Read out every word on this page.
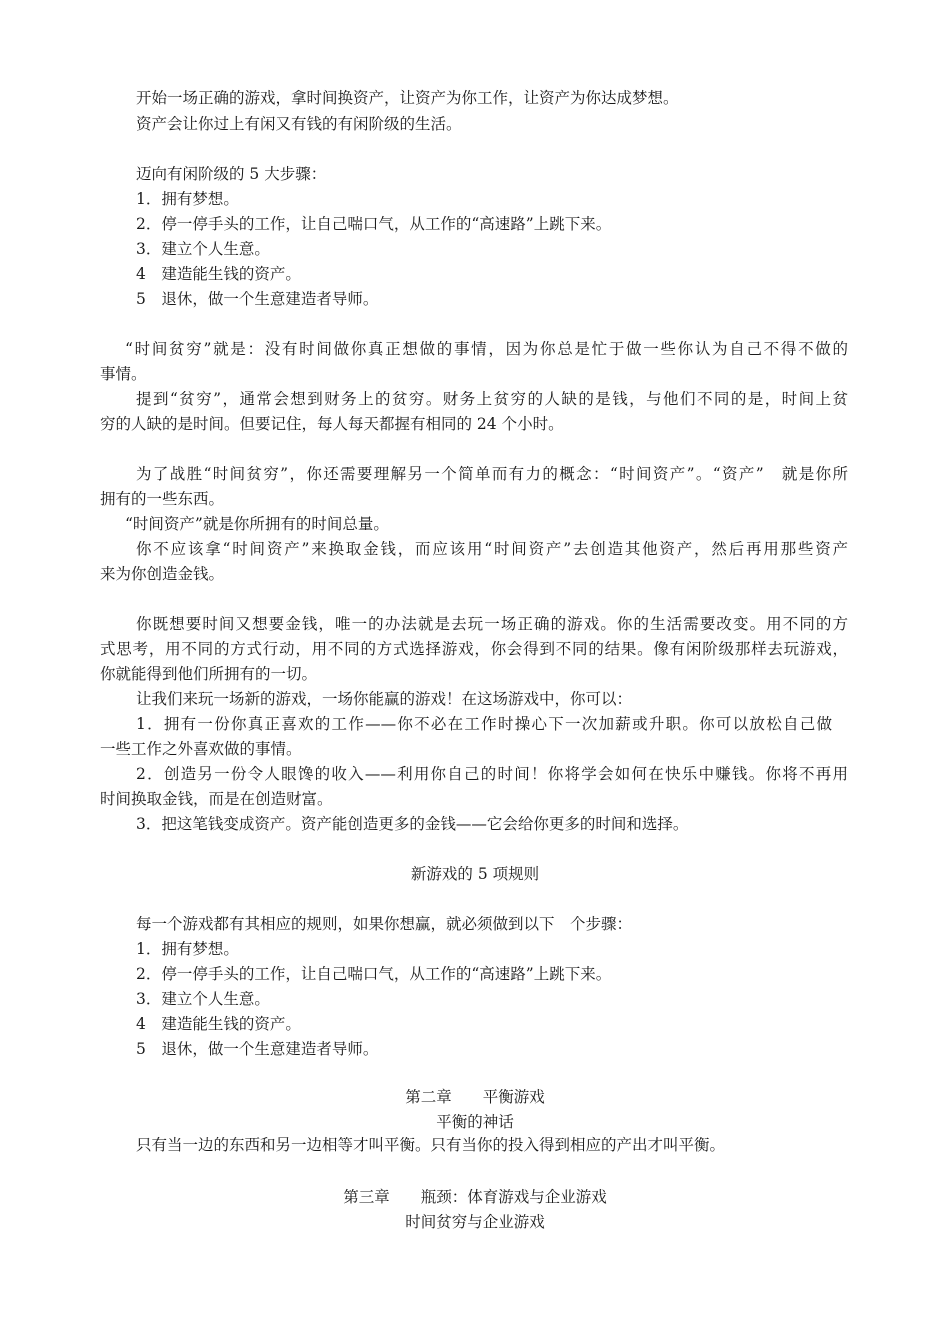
开始一场正确的游戏，拿时间换资产，让资产为你工作，让资产为你达成梦想。
资产会让你过上有闲又有钱的有闲阶级的生活。
迈向有闲阶级的 5 大步骤：
1．拥有梦想。
2．停一停手头的工作，让自己喘口气，从工作的“高速路”上跳下来。
3．建立个人生意。
4　建造能生钱的资产。
5　退休，做一个生意建造者导师。
“时间贫穷”就是：没有时间做你真正想做的事情，因为你总是忙于做一些你认为自己不得不做的
事情。
提到“贫穷”，通常会想到财务上的贫穷。财务上贫穷的人缺的是钱，与他们不同的是，时间上贫
穷的人缺的是时间。但要记住，每人每天都握有相同的 24 个小时。
为了战胜“时间贫穷”，你还需要理解另一个简单而有力的概念：“时间资产”。“资产”　就是你所
拥有的一些东西。
“时间资产”就是你所拥有的时间总量。
你不应该拿“时间资产”来换取金钱，而应该用“时间资产”去创造其他资产，然后再用那些资产
来为你创造金钱。
你既想要时间又想要金钱，唯一的办法就是去玩一场正确的游戏。你的生活需要改变。用不同的方
式思考，用不同的方式行动，用不同的方式选择游戏，你会得到不同的结果。像有闲阶级那样去玩游戏，
你就能得到他们所拥有的一切。
让我们来玩一场新的游戏，一场你能赢的游戏！在这场游戏中，你可以：
1．拥有一份你真正喜欢的工作——你不必在工作时操心下一次加薪或升职。你可以放松自己做
一些工作之外喜欢做的事情。
2．创造另一份令人眼馋的收入——利用你自己的时间！你将学会如何在快乐中赚钱。你将不再用
时间换取金钱，而是在创造财富。
3．把这笔钱变成资产。资产能创造更多的金钱——它会给你更多的时间和选择。
新游戏的 5 项规则
每一个游戏都有其相应的规则，如果你想赢，就必须做到以下　个步骤：
1．拥有梦想。
2．停一停手头的工作，让自己喘口气，从工作的“高速路”上跳下来。
3．建立个人生意。
4　建造能生钱的资产。
5　退休，做一个生意建造者导师。
第二章　　平衡游戏
平衡的神话
只有当一边的东西和另一边相等才叫平衡。只有当你的投入得到相应的产出才叫平衡。
第三章　　瓶颈：体育游戏与企业游戏
时间贫穷与企业游戏
